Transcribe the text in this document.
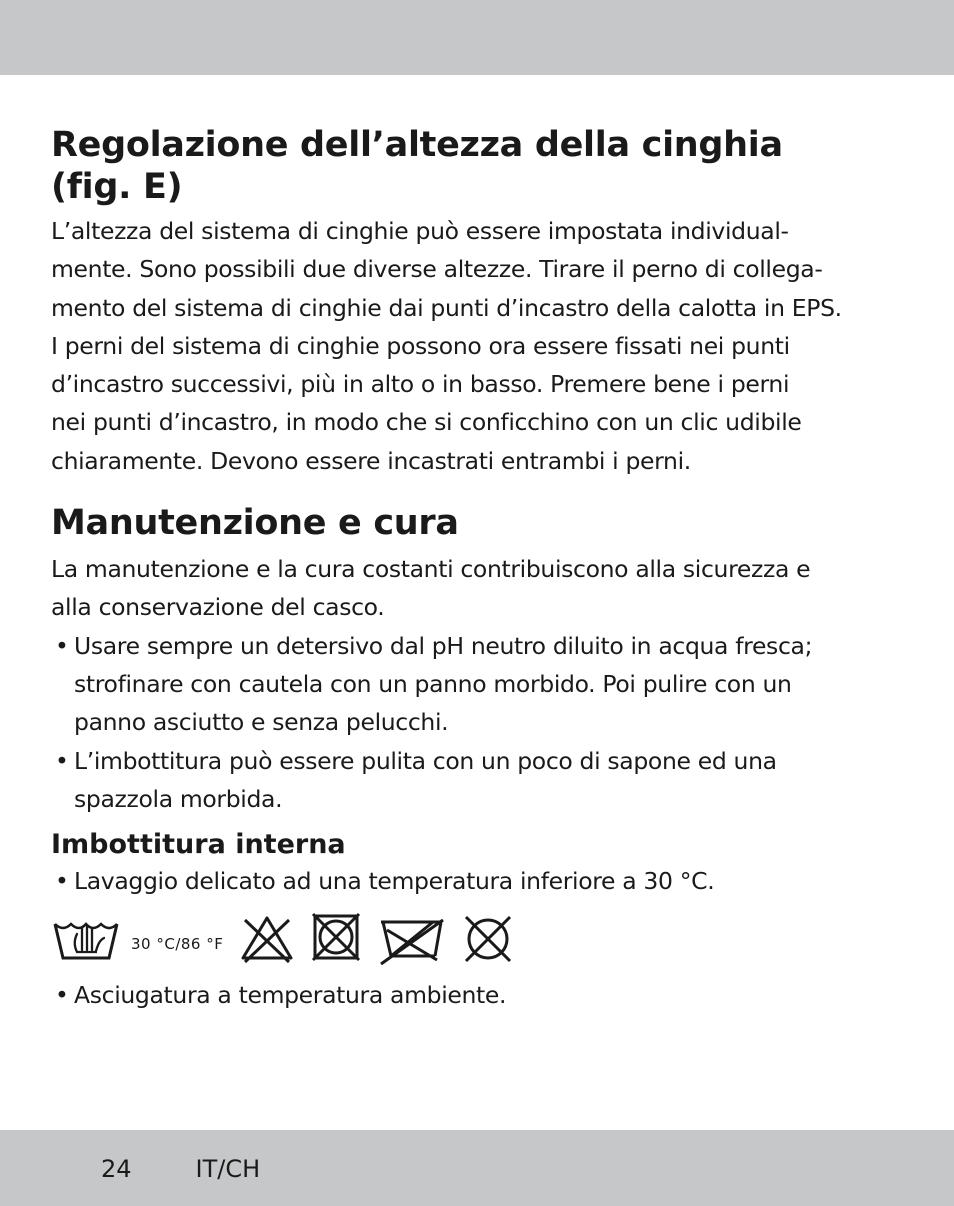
Regolazione dell’altezza della cinghia
(fig. E)

L’altezza del sistema di cinghie può essere impostata individual-
mente. Sono possibili due diverse altezze. Tirare il perno di collega-
mento del sistema di cinghie dai punti d’incastro della calotta in EPS.
I perni del sistema di cinghie possono ora essere fissati nei punti
d’incastro successivi, più in alto o in basso. Premere bene i perni
nei punti d’incastro, in modo che si conficchino con un clic udibile
chiaramente. Devono essere incastrati entrambi i perni.

Manutenzione e cura

La manutenzione e la cura costanti contribuiscono alla sicurezza e
alla conservazione del casco.

• Usare sempre un detersivo dal pH neutro diluito in acqua fresca;
strofinare con cautela con un panno morbido. Poi pulire con un
panno asciutto e senza pelucchi.
• L’imbottitura può essere pulita con un poco di sapone ed una
spazzola morbida.
Imbottitura interna
• Lavaggio delicato ad una temperatura inferiore a 30 °C.
30 °C/86 °F
• Asciugatura a temperatura ambiente.
24	IT/CH
